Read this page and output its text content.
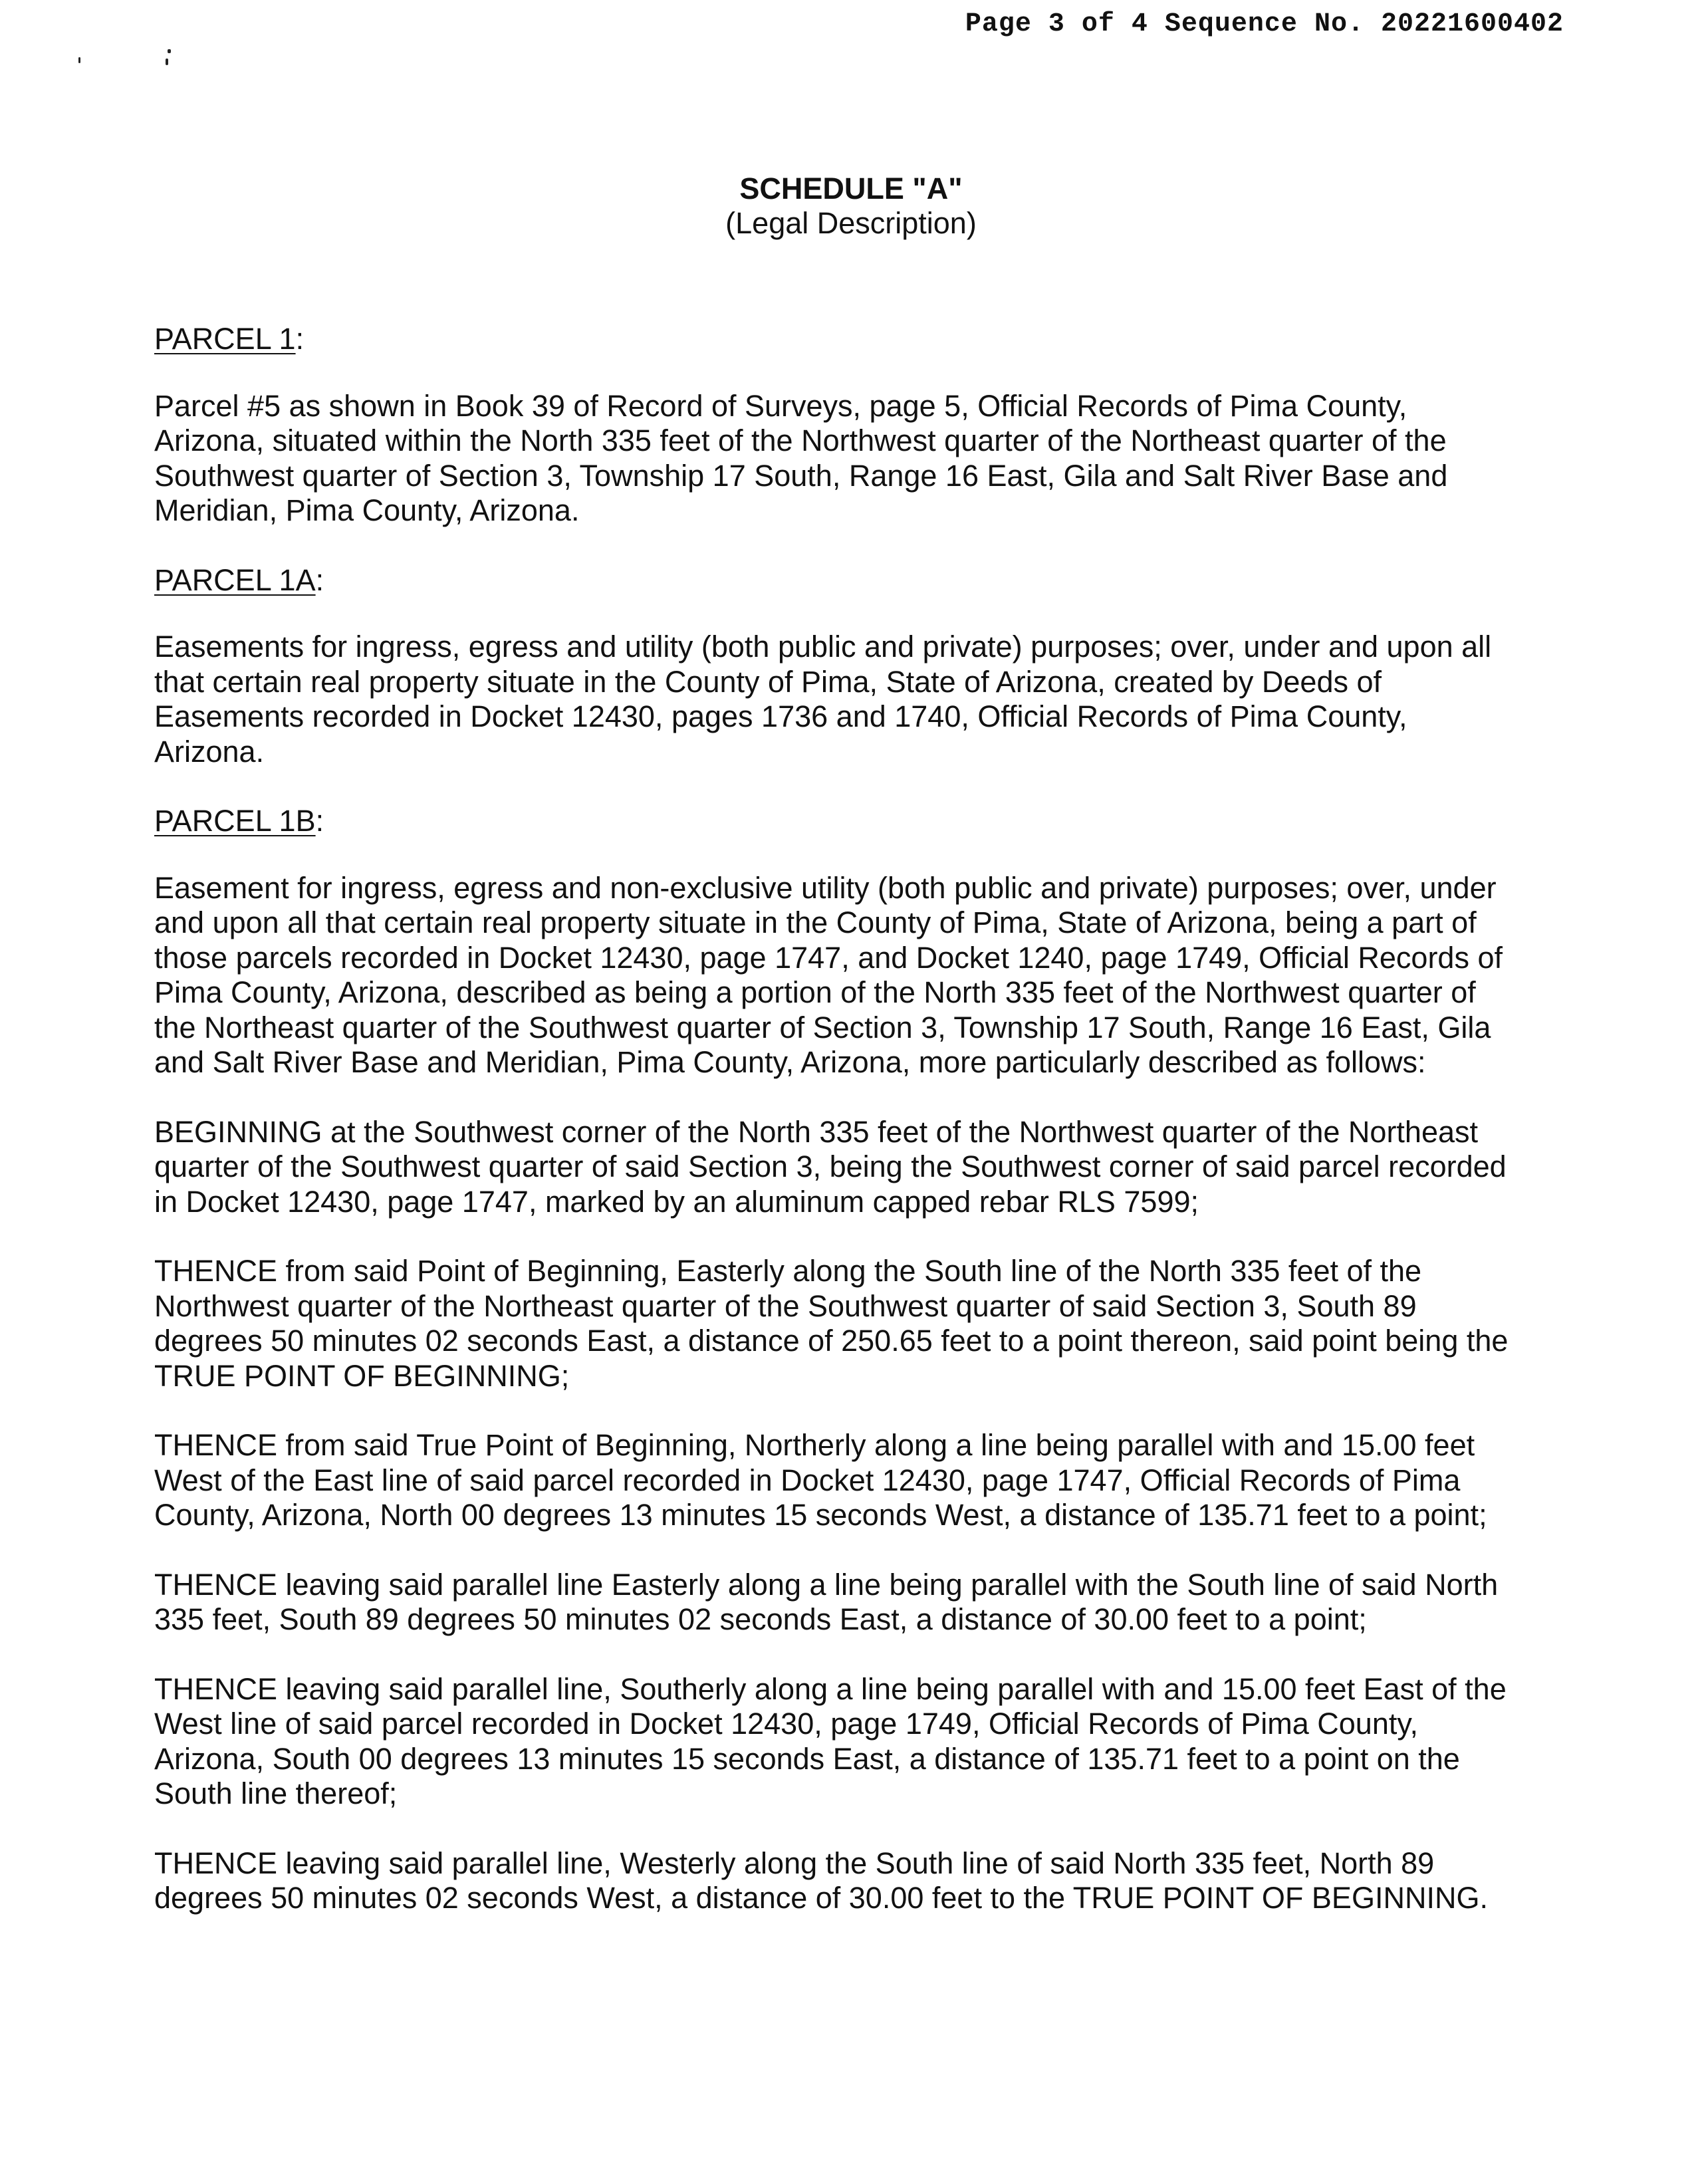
Page 3 of 4 Sequence No. 20221600402

SCHEDULE "A"

(Legal Description)

PARCEL 1:

Parcel #5 as shown in Book 39 of Record of Surveys, page 5, Official Records of Pima County,
Arizona, situated within the North 335 feet of the Northwest quarter of the Northeast quarter of the
Southwest quarter of Section 3, Township 17 South, Range 16 East, Gila and Salt River Base and
Meridian, Pima County, Arizona.

PARCEL 1A:

Easements for ingress, egress and utility (both public and private) purposes; over, under and upon all
that certain real property situate in the County of Pima, State of Arizona, created by Deeds of
Easements recorded in Docket 12430, pages 1736 and 1740, Official Records of Pima County,
Arizona.

PARCEL 1B:

Easement for ingress, egress and non-exclusive utility (both public and private) purposes; over, under
and upon all that certain real property situate in the County of Pima, State of Arizona, being a part of
those parcels recorded in Docket 12430, page 1747, and Docket 1240, page 1749, Official Records of
Pima County, Arizona, described as being a portion of the North 335 feet of the Northwest quarter of
the Northeast quarter of the Southwest quarter of Section 3, Township 17 South, Range 16 East, Gila
and Salt River Base and Meridian, Pima County, Arizona, more particularly described as follows:

BEGINNING at the Southwest corner of the North 335 feet of the Northwest quarter of the Northeast
quarter of the Southwest quarter of said Section 3, being the Southwest corner of said parcel recorded
in Docket 12430, page 1747, marked by an aluminum capped rebar RLS 7599;

THENCE from said Point of Beginning, Easterly along the South line of the North 335 feet of the
Northwest quarter of the Northeast quarter of the Southwest quarter of said Section 3, South 89
degrees 50 minutes 02 seconds East, a distance of 250.65 feet to a point thereon, said point being the
TRUE POINT OF BEGINNING;

THENCE from said True Point of Beginning, Northerly along a line being parallel with and 15.00 feet
West of the East line of said parcel recorded in Docket 12430, page 1747, Official Records of Pima
County, Arizona, North 00 degrees 13 minutes 15 seconds West, a distance of 135.71 feet to a point;

THENCE leaving said parallel line Easterly along a line being parallel with the South line of said North
335 feet, South 89 degrees 50 minutes 02 seconds East, a distance of 30.00 feet to a point;

THENCE leaving said parallel line, Southerly along a line being parallel with and 15.00 feet East of the
West line of said parcel recorded in Docket 12430, page 1749, Official Records of Pima County,
Arizona, South 00 degrees 13 minutes 15 seconds East, a distance of 135.71 feet to a point on the
South line thereof;

THENCE leaving said parallel line, Westerly along the South line of said North 335 feet, North 89
degrees 50 minutes 02 seconds West, a distance of 30.00 feet to the TRUE POINT OF BEGINNING.
